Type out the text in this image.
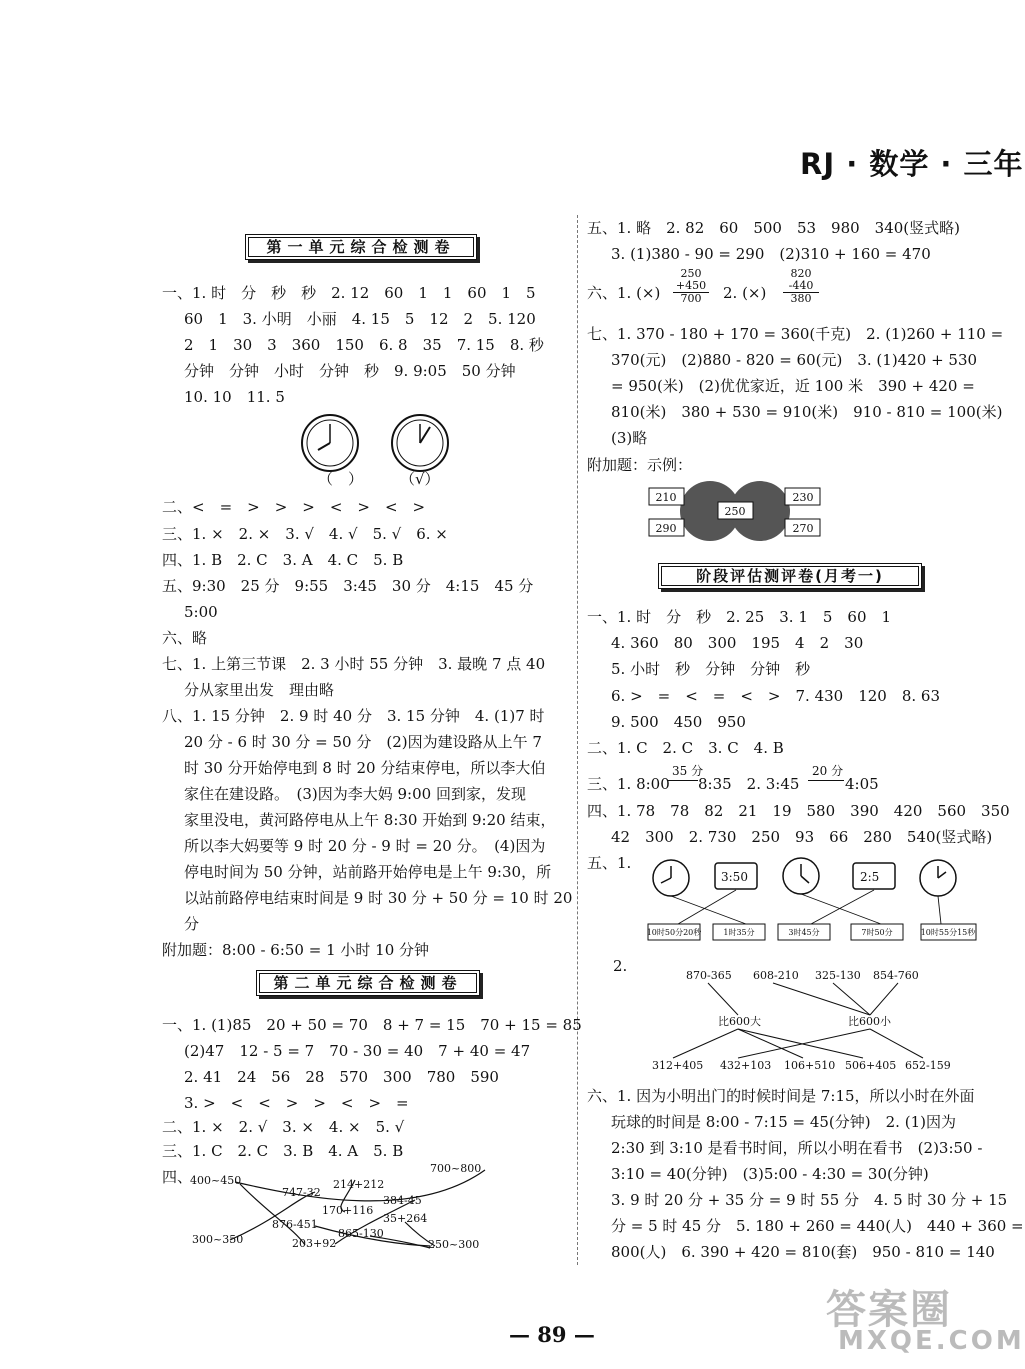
RJ · 数学 · 三年
第一单元综合检测卷
一、1. 时　分　秒　秒　2. 12　60　1　1　60　1　5
60　1　3. 小明　小丽　4. 15　5　12　2　5. 120
2　1　30　3　360　150　6. 8　35　7. 15　8. 秒
分钟　分钟　小时　分钟　秒　9. 9:05　50 分钟
10. 10　11. 5
（　） （√）
二、<　=　>　>　>　<　>　<　>
三、1. ×　2. ×　3. √　4. √　5. √　6. ×
四、1. B　2. C　3. A　4. C　5. B
五、9:30　25 分　9:55　3:45　30 分　4:15　45 分
5:00
六、略
七、1. 上第三节课　2. 3 小时 55 分钟　3. 最晚 7 点 40
分从家里出发　理由略
八、1. 15 分钟　2. 9 时 40 分　3. 15 分钟　4. (1)7 时
20 分 - 6 时 30 分 = 50 分　(2)因为建设路从上午 7
时 30 分开始停电到 8 时 20 分结束停电，所以李大伯
家住在建设路。　(3)因为李大妈 9:00 回到家，发现
家里没电，黄河路停电从上午 8:30 开始到 9:20 结束，
所以李大妈要等 9 时 20 分 - 9 时 = 20 分。　(4)因为
停电时间为 50 分钟，站前路开始停电是上午 9:30，所
以站前路停电结束时间是 9 时 30 分 + 50 分 = 10 时 20
分
附加题：8:00 - 6:50 = 1 小时 10 分钟
第二单元综合检测卷
一、1. (1)85　20 + 50 = 70　8 + 7 = 15　70 + 15 = 85
(2)47　12 - 5 = 7　70 - 30 = 40　7 + 40 = 47
2. 41　24　56　28　570　300　780　590
3. >　<　<　>　>　<　>　=
二、1. ×　2. √　3. ×　4. ×　5. √
三、1. C　2. C　3. B　4. A　5. B
四、
400~450
747-32
214+212
700~800
384-45
170+116
35+264
876-451
865-130
300~350	203+92	250~300
五、1. 略　2. 82　60　500　53　980　340(竖式略)
3. (1)380 - 90 = 290　(2)310 + 160 = 470
六、1. (×)
250
+450
700	2. (×)
820
-440
380
七、1. 370 - 180 + 170 = 360(千克)　2. (1)260 + 110 =
370(元)　(2)880 - 820 = 60(元)　3. (1)420 + 530
= 950(米)　(2)优优家近，近 100 米　390 + 420 =
810(米)　380 + 530 = 910(米)　910 - 810 = 100(米)
(3)略
附加题：示例：
210
250
230
290	270
阶段评估测评卷(月考一)
一、1. 时　分　秒　2. 25　3. 1　5　60　1
4. 360　80　300　195　4　2　30
5. 小时　秒　分钟　分钟　秒
6. >　=　<　=　<　>　7. 430　120　8. 63
9. 500　450　950
二、1. C　2. C　3. C　4. B
三、1. 8:00
35 分
8:35　2. 3:45
20 分
4:05
四、1. 78　78　82　21　19　580　390　420　560　350
42　300　2. 730　250　93　66　280　540(竖式略)
五、1.
3:50	2:5
10时50分20秒	1时35分	3时45分	7时50分	10时55分15秒
2.
870-365 608-210 325-130 854-760
比600大	比600小
312+405 432+103 106+510 506+405 652-159
六、1. 因为小明出门的时候时间是 7:15，所以小时在外面
玩球的时间是 8:00 - 7:15 = 45(分钟)　2. (1)因为
2:30 到 3:10 是看书时间，所以小明在看书　(2)3:50 -
3:10 = 40(分钟)　(3)5:00 - 4:30 = 30(分钟)
3. 9 时 20 分 + 35 分 = 9 时 55 分　4. 5 时 30 分 + 15
分 = 5 时 45 分　5. 180 + 260 = 440(人)　440 + 360 =
800(人)　6. 390 + 420 = 810(套)　950 - 810 = 140
— 89 —
答案圈
MXQE.COM
